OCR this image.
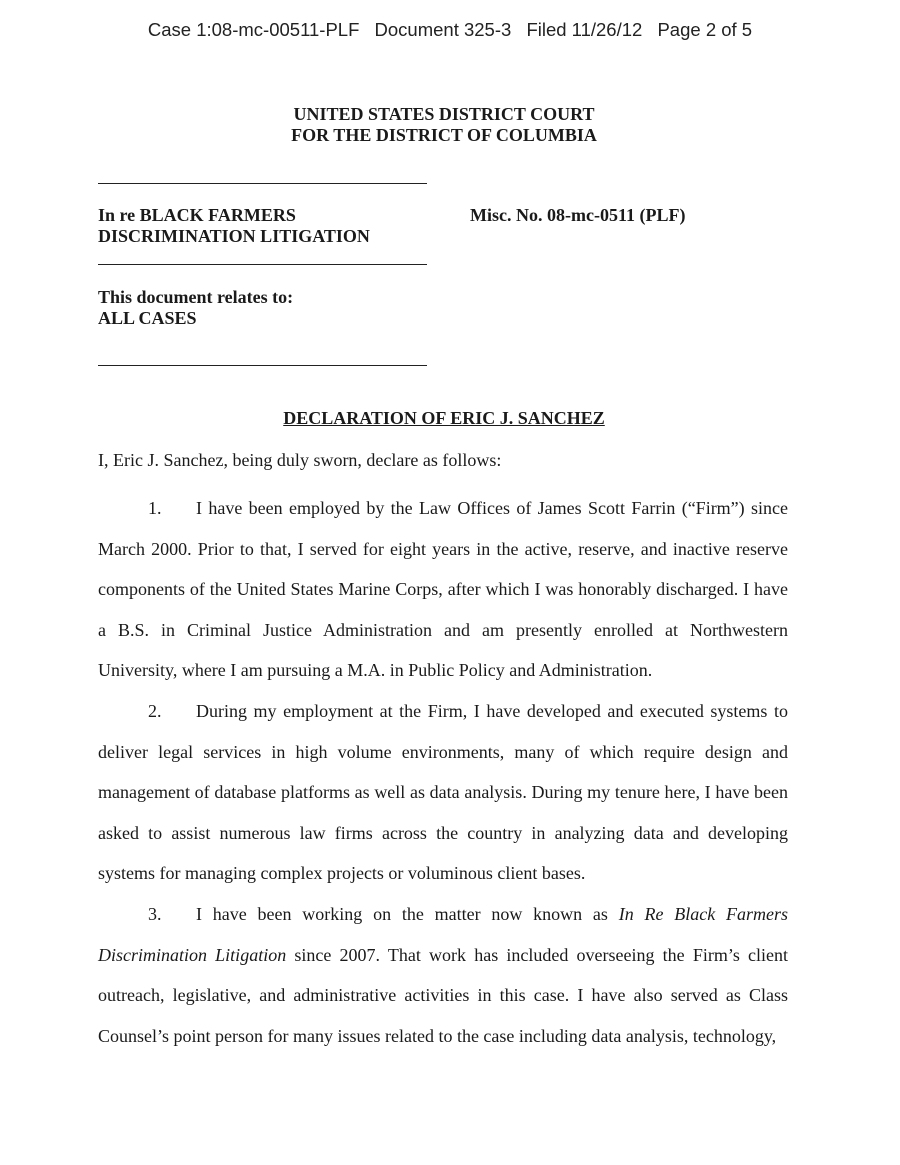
Case 1:08-mc-00511-PLF Document 325-3 Filed 11/26/12 Page 2 of 5
UNITED STATES DISTRICT COURT
FOR THE DISTRICT OF COLUMBIA
In re BLACK FARMERS
DISCRIMINATION LITIGATION
Misc. No. 08-mc-0511 (PLF)
This document relates to:
ALL CASES
DECLARATION OF ERIC J. SANCHEZ

I, Eric J. Sanchez, being duly sworn, declare as follows:

1. I have been employed by the Law Offices of James Scott Farrin (“Firm”) since March 2000. Prior to that, I served for eight years in the active, reserve, and inactive reserve components of the United States Marine Corps, after which I was honorably discharged. I have a B.S. in Criminal Justice Administration and am presently enrolled at Northwestern University, where I am pursuing a M.A. in Public Policy and Administration.

2. During my employment at the Firm, I have developed and executed systems to deliver legal services in high volume environments, many of which require design and management of database platforms as well as data analysis. During my tenure here, I have been asked to assist numerous law firms across the country in analyzing data and developing systems for managing complex projects or voluminous client bases.

3. I have been working on the matter now known as In Re Black Farmers Discrimination Litigation since 2007. That work has included overseeing the Firm’s client outreach, legislative, and administrative activities in this case. I have also served as Class Counsel’s point person for many issues related to the case including data analysis, technology,
